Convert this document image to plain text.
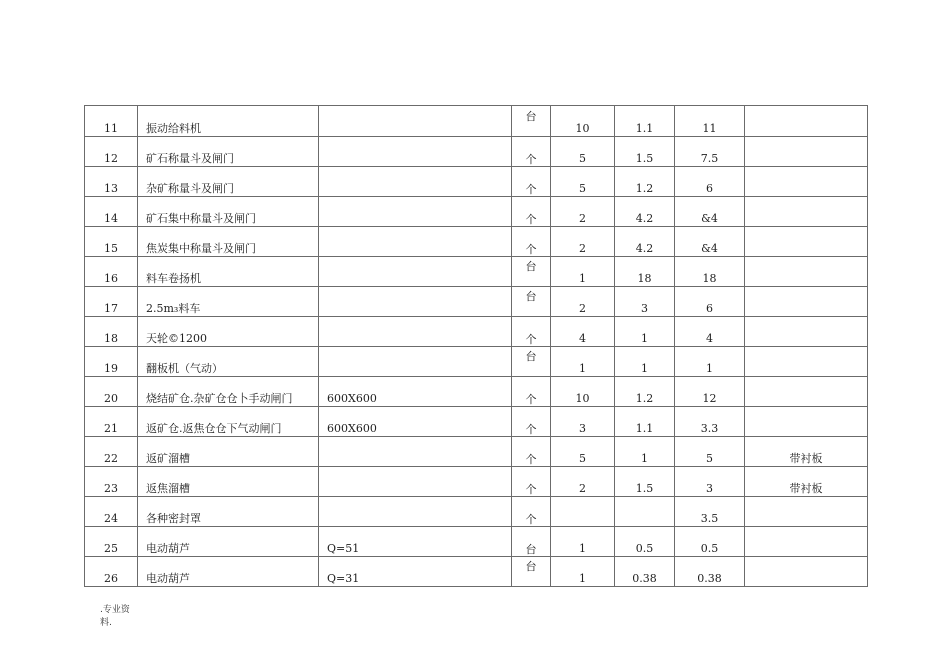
11	振动给料机		台	10	1.1	11	

12	矿石称量斗及闸门		个	5	1.5	7.5	

13	杂矿称量斗及闸门		个	5	1.2	6	

14	矿石集中称量斗及闸门		个	2	4.2	&4	

15	焦炭集中称量斗及闸门		个	2	4.2	&4	

16	料车卷扬机		台	1	18	18	

17	2.5m₃料车		台	2	3	6	

18	天轮©1200		个	4	1	4	

19	翻板机（气动）		台	1	1	1	

20	烧结矿仓.杂矿仓仓卜手动闸门	600X600	个	10	1.2	12	

21	返矿仓.返焦仓仓下气动闸门	600X600	个	3	1.1	3.3	

22	返矿溜槽		个	5	1	5	带衬板

23	返焦溜槽		个	2	1.5	3	带衬板

24	各种密封罩		个			3.5	

25	电动葫芦	Q=51	台	1	0.5	0.5	

26	电动葫芦	Q=31	台	1	0.38	0.38	

.专业资
料.
